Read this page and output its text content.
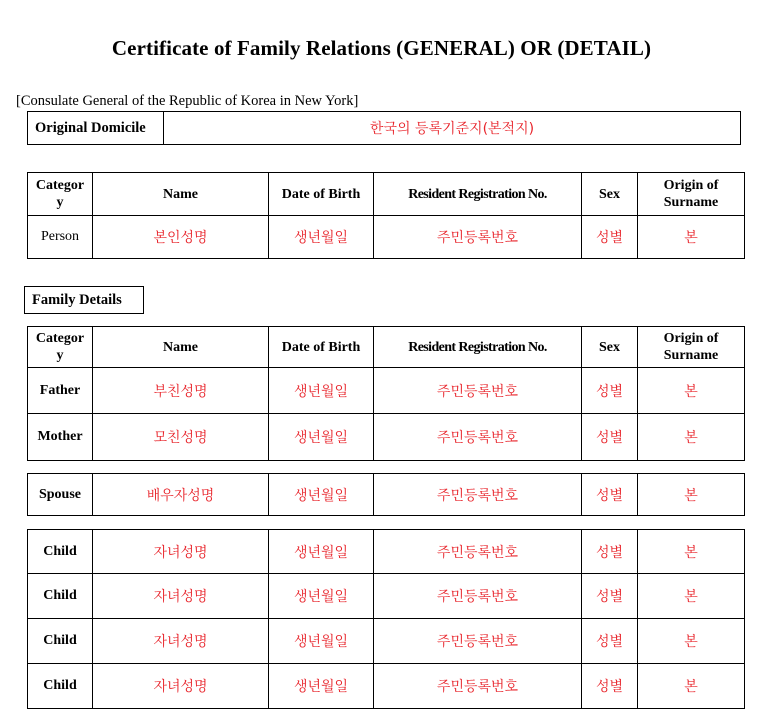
Certificate of Family Relations (GENERAL) OR (DETAIL)
[Consulate General of the Republic of Korea in New York]
Original Domicile	한국의 등록기준지(본적지)
Categor
y	Name	Date of Birth	Resident Registration No.	Sex	Origin of
Surname
Person	본인성명	생년월일	주민등록번호	성별	본
Family Details
Categor
y	Name	Date of Birth	Resident Registration No.	Sex	Origin of
Surname
Father	부친성명	생년월일	주민등록번호	성별	본
Mother	모친성명	생년월일	주민등록번호	성별	본
Spouse	배우자성명	생년월일	주민등록번호	성별	본
Child	자녀성명	생년월일	주민등록번호	성별	본
Child	자녀성명	생년월일	주민등록번호	성별	본
Child	자녀성명	생년월일	주민등록번호	성별	본
Child	자녀성명	생년월일	주민등록번호	성별	본
